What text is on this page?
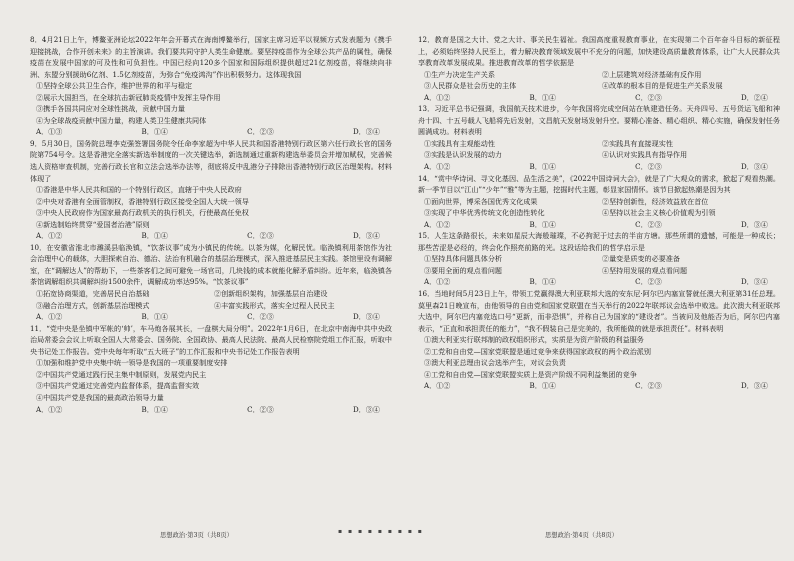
8．4月21日上午，博鳌亚洲论坛2022年年会开幕式在海南博鳌举行，国家主席习近平以视频方式发表题为《携手迎接挑战，合作开创未来》的主旨演讲。我们要共同守护人类生命健康。要坚持疫苗作为全球公共产品的属性，确保疫苗在发展中国家的可及性和可负担性。中国已经向120多个国家和国际组织提供超过21亿剂疫苗，将继续向非洲、东盟分别援助6亿剂、1.5亿剂疫苗，为弥合“免疫鸿沟”作出积极努力。这体现我国
①坚持全球公共卫生合作，维护世界的和平与稳定
②展示大国担当，在全球抗击新冠肺炎疫情中发挥主导作用
③携手各国共同应对全球性挑战，贡献中国力量
④为全球战疫贡献中国力量，构建人类卫生健康共同体
A．①③	B．①④	C．②③	D．③④
9．5月30日，国务院总理李克强签署国务院令任命李家超为中华人民共和国香港特别行政区第六任行政长官的国务院第754号令。这是香港完全落实新选举制度的一次关键选举，新选制通过重新构建选举委员会并增加赋权，完善候选人资格审查机制，完善行政长官和立法会选举办法等，彻底将反中乱港分子排除出香港特别行政区治理架构。材料体现了
①香港是中华人民共和国的一个特别行政区，直辖于中央人民政府
②中央对香港有全面管制权，香港特别行政区接受全国人大统一领导
③中央人民政府作为国家最高行政机关的执行机关，行使最高任免权
④新选制始终贯穿“爱国者治港”原则
A．①②	B．①④	C．②③	D．③④
10．在安徽省淮北市濉溪县临涣镇，“饮茶议事”成为小镇民的传统。以茶为媒，化解民忧。临涣镇利用茶馆作为社会治理中心的载体，大胆探索自治、德治、法治有机融合的基层治理模式，深入推进基层民主实践。茶馆里设有调解室，在“调解达人”的帮助下，一些茶客们之间可避免一场官司，几块钱的成本就能化解矛盾纠纷。近年来，临涣镇各茶馆调解组织共调解纠纷1500余件，调解成功率达95%。“饮茶议事”
①拓宽协商渠道，完善居民自治基础	②创新组织架构，加强基层自治建设
③融合治理方式，创新基层治理模式	④丰富实践形式，落实全过程人民民主
A．①②	B．①④	C．②③	D．③④
11．“党中央是坐镇中军帐的‘帅’，车马炮各展其长，一盘棋大局分明”。2022年1月6日，在北京中南海中共中央政治局常委会会议上听取全国人大常委会、国务院、全国政协、最高人民法院、最高人民检察院党组工作汇报，听取中央书记处工作报告。党中央每年听取“五大班子”的工作汇报和中央书记处工作报告表明
①加强和维护党中央集中统一领导是我国的一项重要制度安排
②中国共产党通过践行民主集中制原则，发展党内民主
③中国共产党通过完善党内监督体系，提高监督实效
④中国共产党是我国的最高政治领导力量
A．①②	B．①④	C．②③	D．③④
12．教育是国之大计、党之大计、事关民生福祉。我国高度重视教育事业，在实现第二个百年奋斗目标的新征程上，必须始终坚持人民至上，着力解决教育领域发展中不充分的问题，加快建设高质量教育体系，让广大人民群众共享教育改革发展成果。推进教育改革的哲学依据是
①生产力决定生产关系	②上层建筑对经济基础有反作用
③人民群众是社会历史的主体	④改革的根本目的是促进生产关系发展
A．①②	B．①④	C．②③	D．②④
13．习近平总书记强调，我国航天技术进步，今年我国将完成空间站在轨建造任务。天舟四号、五号货运飞船和神舟十四、十五号载人飞船将先后发射，文昌航天发射场发射升空。要精心准备、精心组织、精心实施，确保发射任务圆满成功。材料表明
①实践具有主观能动性	②实践具有直接现实性
③实践是认识发展的动力	④认识对实践具有指导作用
A．①②	B．①④	C．②③	D．③④
14．“赏中华诗词、寻文化基因、品生活之美”，《2022中国诗词大会》，就是了广大观众的需求，掀起了观看热潮。新一季节目以“江山”“少年”“雅”等为主题，挖掘时代主题，彰显家国情怀。该节目掀起热潮是因为其
①面向世界，博采各国优秀文化成果	②坚持创新性，经济效益放在首位
③实现了中华优秀传统文化创造性转化	④坚持以社会主义核心价值观为引领
A．①②	B．①④	C．②③	D．③④
15．人生这条路很长，未来如星辰大海般璀璨，不必拘泥于过去的半亩方塘。那些所谓的遗憾，可能是一种成长；那些苦涩是必经的，终会化作照亮前路的光。这段话给我们的哲学启示是
①坚持具体问题具体分析	②量变是质变的必要准备
③要用全面的观点看问题	④坚持用发展的观点看问题
A．①②	B．①④	C．②③	D．③④
16．当地时间5月23日上午，带领工党赢得澳大利亚联邦大选的安东尼·阿尔巴内塞宣誓就任澳大利亚第31任总理。莫里森21日晚宣布，由他领导的自由党和国家党联盟在当天举行的2022年联邦议会选举中败选。此次澳大利亚联邦大选中，阿尔巴内塞竞选口号“更新，而非恐惧”，并称自己为国家的“建设者”。当被问及他能否为后，阿尔巴内塞表示，“正直和承担责任的能力”，“我不假装自己是完美的，我所能做的就是承担责任”。材料表明
①澳大利亚实行联邦制的政权组织形式，实质是为资产阶级的利益服务
②工党和自由党—国家党联盟是通过竞争来获得国家政权的两个政治派别
③澳大利亚总理由议会选举产生，对议会负责
④工党和自由党—国家党联盟实质上是资产阶级不同利益集团的竞争
A．①②	B．①④	C．②③	D．③④
思想政治·第3页（共8页）
▪ ▪ ▪ ▪ ▪ ▪ ▪ ▪ ▪
思想政治·第4页（共8页）
